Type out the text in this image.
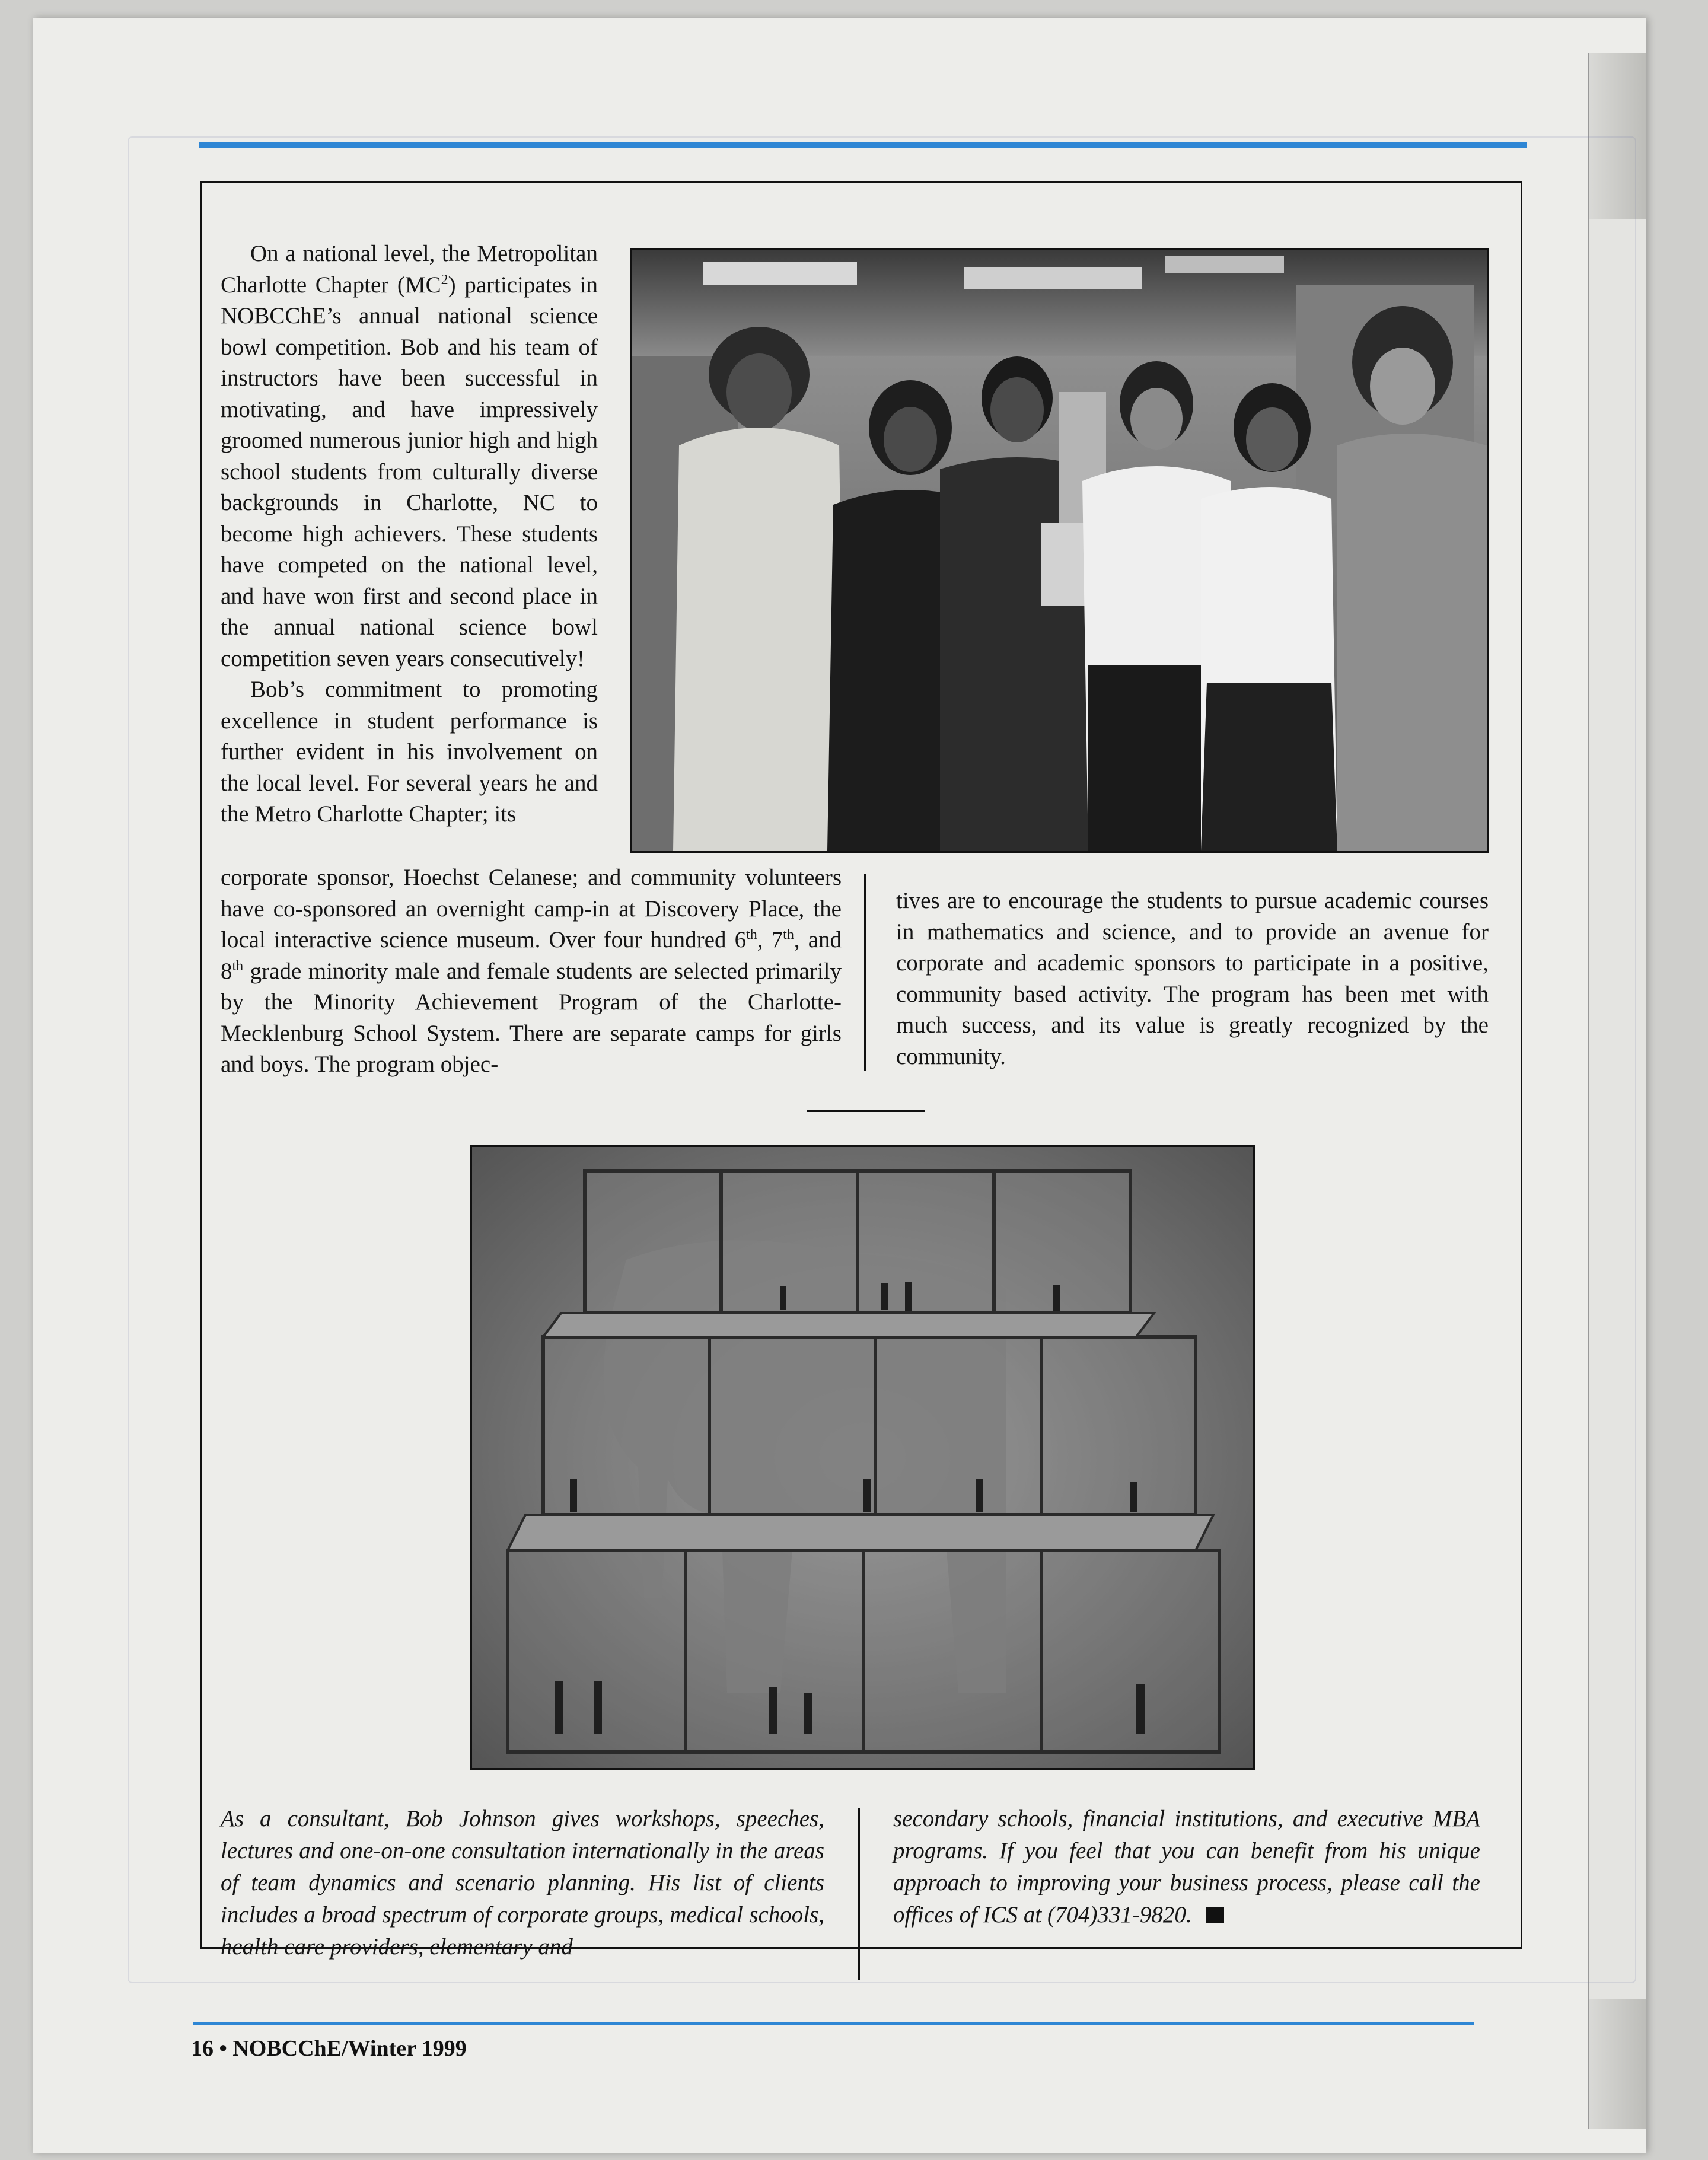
On a national level, the Metropolitan Charlotte Chapter $(MC^2)$ participates in NOBCChE’s annual national science bowl competition. Bob and his team of instructors have been successful in motivating, and have impressively groomed numerous junior high and high school students from culturally diverse backgrounds in Charlotte, NC to become high achievers. These students have competed on the national level, and have won first and second place in the annual national science bowl competition seven years consecutively!

Bob’s commitment to promoting excellence in student performance is further evident in his involvement on the local level. For several years he and the Metro Charlotte Chapter; its

corporate sponsor, Hoechst Celanese; and community volunteers have co-sponsored an overnight camp-in at Discovery Place, the local interactive science museum. Over four hundred 6th, 7th, and 8th grade minority male and female students are selected primarily by the Minority Achievement Program of the Charlotte-Mecklenburg School System. There are separate camps for girls and boys. The program objec-

tives are to encourage the students to pursue academic courses in mathematics and science, and to provide an avenue for corporate and academic sponsors to participate in a positive, community based activity. The program has been met with much success, and its value is greatly recognized by the community.

As a consultant, Bob Johnson gives workshops, speeches, lectures and one-on-one consultation internationally in the areas of team dynamics and scenario planning. His list of clients includes a broad spectrum of corporate groups, medical schools, health care providers, elementary and

secondary schools, financial institutions, and executive MBA programs. If you feel that you can benefit from his unique approach to improving your business process, please call the offices of ICS at (704)331-9820.

16 • NOBCChE/Winter 1999
